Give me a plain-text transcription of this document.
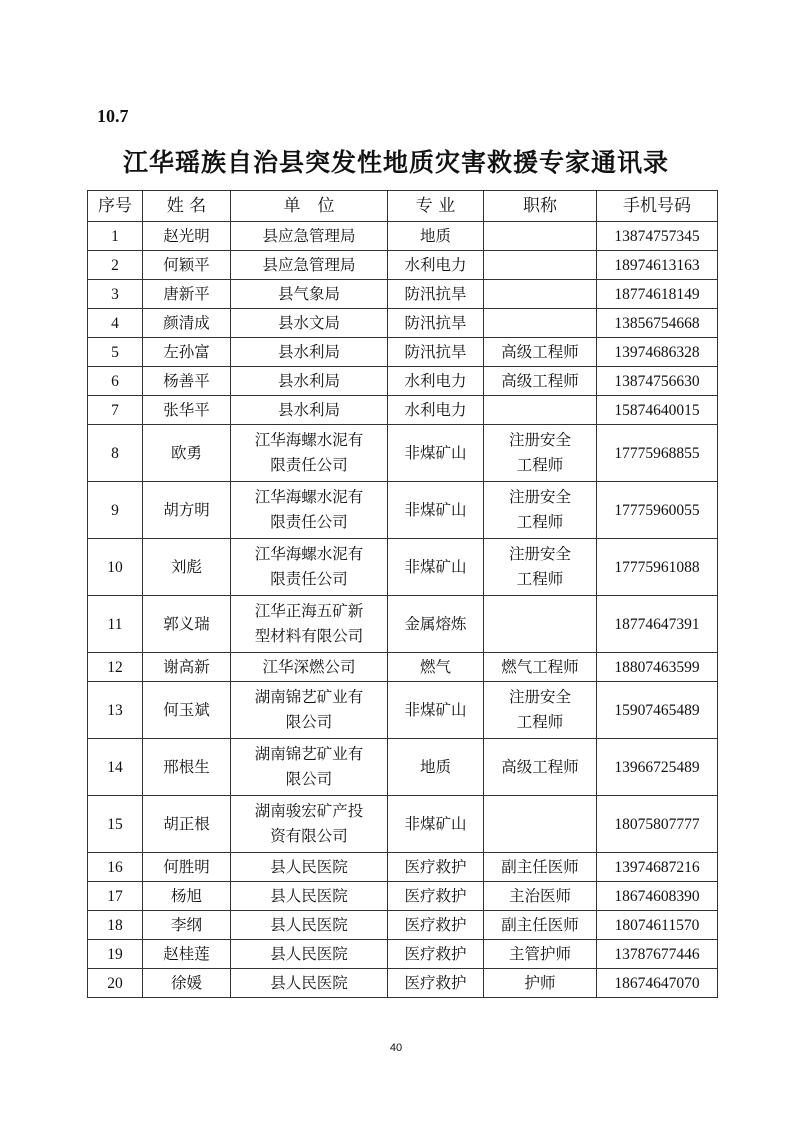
10.7
江华瑶族自治县突发性地质灾害救援专家通讯录
序号	姓 名	单　位	专 业	职称	手机号码
1	赵光明	县应急管理局	地质		13874757345
2	何颖平	县应急管理局	水利电力		18974613163
3	唐新平	县气象局	防汛抗旱		18774618149
4	颜清成	县水文局	防汛抗旱		13856754668
5	左孙富	县水利局	防汛抗旱	高级工程师	13974686328
6	杨善平	县水利局	水利电力	高级工程师	13874756630
7	张华平	县水利局	水利电力		15874640015
8	欧勇	江华海螺水泥有
限责任公司	非煤矿山	注册安全
工程师	17775968855
9	胡方明	江华海螺水泥有
限责任公司	非煤矿山	注册安全
工程师	17775960055
10	刘彪	江华海螺水泥有
限责任公司	非煤矿山	注册安全
工程师	17775961088
11	郭义瑞	江华正海五矿新
型材料有限公司	金属熔炼		18774647391
12	谢高新	江华深燃公司	燃气	燃气工程师	18807463599
13	何玉斌	湖南锦艺矿业有
限公司	非煤矿山	注册安全
工程师	15907465489
14	邢根生	湖南锦艺矿业有
限公司	地质	高级工程师	13966725489
15	胡正根	湖南骏宏矿产投
资有限公司	非煤矿山		18075807777
16	何胜明	县人民医院	医疗救护	副主任医师	13974687216
17	杨旭	县人民医院	医疗救护	主治医师	18674608390
18	李纲	县人民医院	医疗救护	副主任医师	18074611570
19	赵桂莲	县人民医院	医疗救护	主管护师	13787677446
20	徐媛	县人民医院	医疗救护	护师	18674647070
40
